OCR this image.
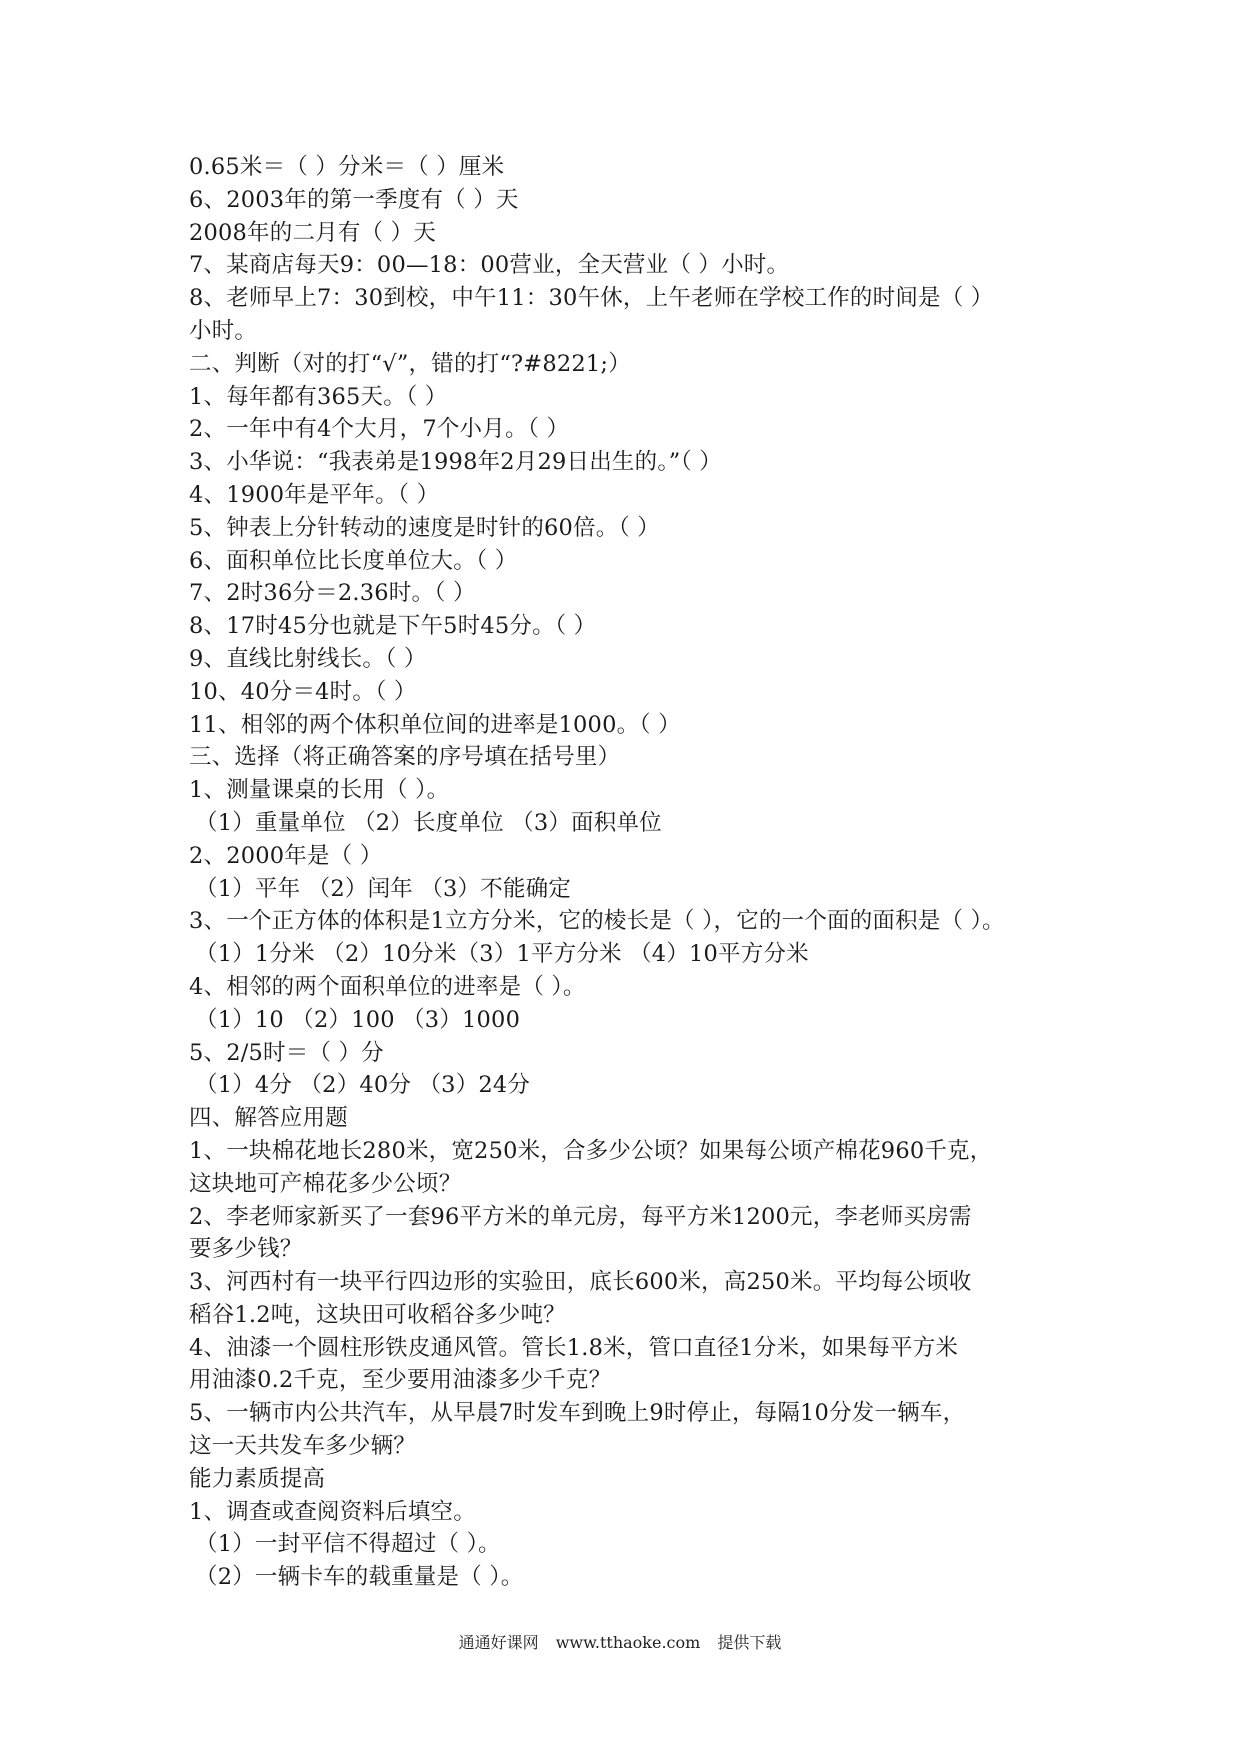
0.65米＝（ ）分米＝（ ）厘米
6、2003年的第一季度有（ ）天
2008年的二月有（ ）天
7、某商店每天9：00—18：00营业，全天营业（ ）小时。
8、老师早上7：30到校，中午11：30午休，上午老师在学校工作的时间是（ ）
小时。
二、判断（对的打“√”，错的打“?#8221;）
1、每年都有365天。（ ）
2、一年中有4个大月，7个小月。（ ）
3、小华说：“我表弟是1998年2月29日出生的。”（ ）
4、1900年是平年。（ ）
5、钟表上分针转动的速度是时针的60倍。（ ）
6、面积单位比长度单位大。（ ）
7、2时36分＝2.36时。（ ）
8、17时45分也就是下午5时45分。（ ）
9、直线比射线长。（ ）
10、40分＝4时。（ ）
11、相邻的两个体积单位间的进率是1000。（ ）
三、选择（将正确答案的序号填在括号里）
1、测量课桌的长用（ ）。
（1）重量单位 （2）长度单位 （3）面积单位
2、2000年是（ ）
（1）平年 （2）闰年 （3）不能确定
3、一个正方体的体积是1立方分米，它的棱长是（ ），它的一个面的面积是（ ）。
（1）1分米 （2）10分米（3）1平方分米 （4）10平方分米
4、相邻的两个面积单位的进率是（ ）。
（1）10 （2）100 （3）1000
5、2/5时＝（ ）分
（1）4分 （2）40分 （3）24分
四、解答应用题
1、一块棉花地长280米，宽250米，合多少公顷？如果每公顷产棉花960千克，
这块地可产棉花多少公顷？
2、李老师家新买了一套96平方米的单元房，每平方米1200元，李老师买房需
要多少钱？
3、河西村有一块平行四边形的实验田，底长600米，高250米。平均每公顷收
稻谷1.2吨，这块田可收稻谷多少吨？
4、油漆一个圆柱形铁皮通风管。管长1.8米，管口直径1分米，如果每平方米
用油漆0.2千克，至少要用油漆多少千克？
5、一辆市内公共汽车，从早晨7时发车到晚上9时停止，每隔10分发一辆车，
这一天共发车多少辆？
能力素质提高
1、调查或查阅资料后填空。
（1）一封平信不得超过（ ）。
（2）一辆卡车的载重量是（ ）。
通通好课网 www.tthaoke.com 提供下载
